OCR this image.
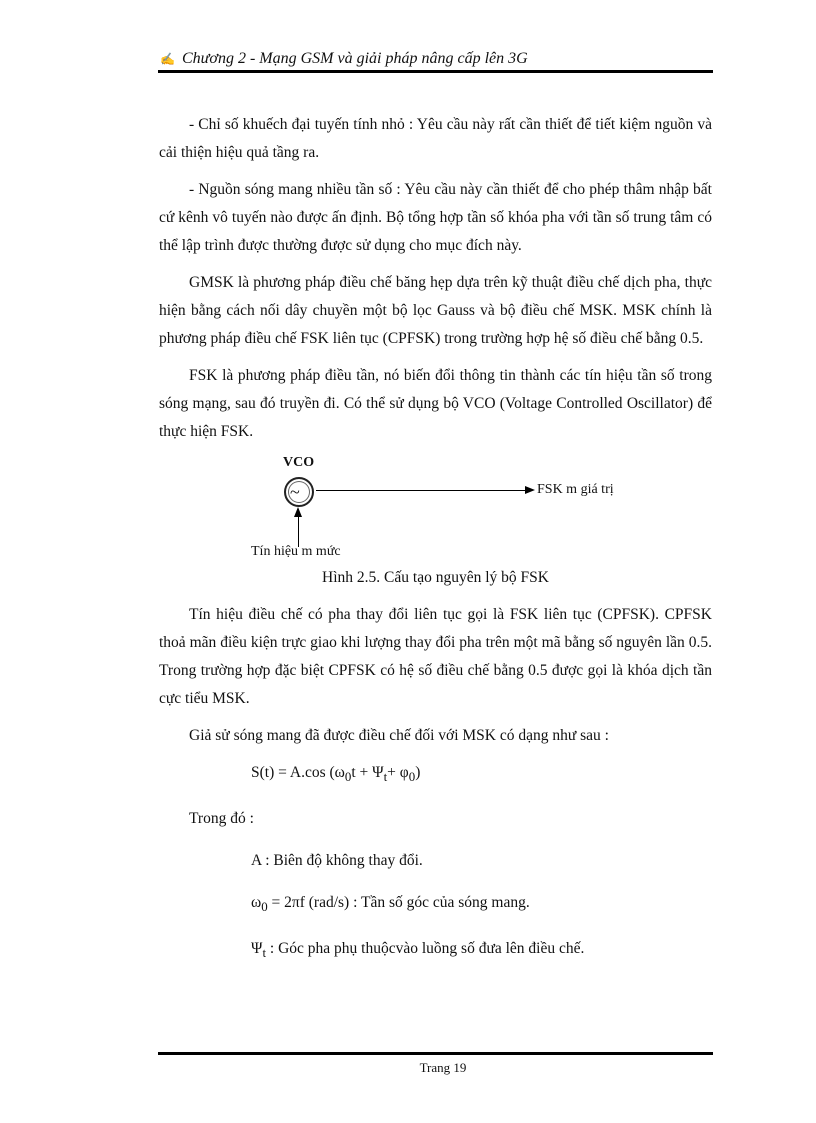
✍ Chương 2 - Mạng GSM và giải pháp nâng cấp lên 3G

- Chỉ số khuếch đại tuyến tính nhỏ : Yêu cầu này rất cần thiết để tiết kiệm nguồn và cải thiện hiệu quả tầng ra.

- Nguồn sóng mang nhiều tần số : Yêu cầu này cần thiết để cho phép thâm nhập bất cứ kênh vô tuyến nào được ấn định. Bộ tổng hợp tần số khóa pha với tần số trung tâm có thể lập trình được thường được sử dụng cho mục đích này.

GMSK là phương pháp điều chế băng hẹp dựa trên kỹ thuật điều chế dịch pha, thực hiện bằng cách nối dây chuyền một bộ lọc Gauss và bộ điều chế MSK. MSK chính là phương pháp điều chế FSK liên tục (CPFSK) trong trường hợp hệ số điều chế bằng 0.5.

FSK là phương pháp điều tần, nó biến đổi thông tin thành các tín hiệu tần số trong sóng mạng, sau đó truyền đi. Có thể sử dụng bộ VCO (Voltage Controlled Oscillator) để thực hiện FSK.

VCO
~	FSK m giá trị
Tín hiệu m mức
Hình 2.5. Cấu tạo nguyên lý bộ FSK

Tín hiệu điều chế có pha thay đổi liên tục gọi là FSK liên tục (CPFSK). CPFSK thoả mãn điều kiện trực giao khi lượng thay đổi pha trên một mã bằng số nguyên lần 0.5. Trong trường hợp đặc biệt CPFSK có hệ số điều chế bằng 0.5 được gọi là khóa dịch tần cực tiểu MSK.

Giả sử sóng mang đã được điều chế đối với MSK có dạng như sau :

S(t) = A.cos $(\omega_0t + \Psi_t+ \varphi_0)$
Trong đó :
A : Biên độ không thay đổi.
$\omega_0 = 2\pi f$ (rad/s) : Tần số góc của sóng mang.
$\Psi_t$ : Góc pha phụ thuộcvào luồng số đưa lên điều chế.
Trang 19
